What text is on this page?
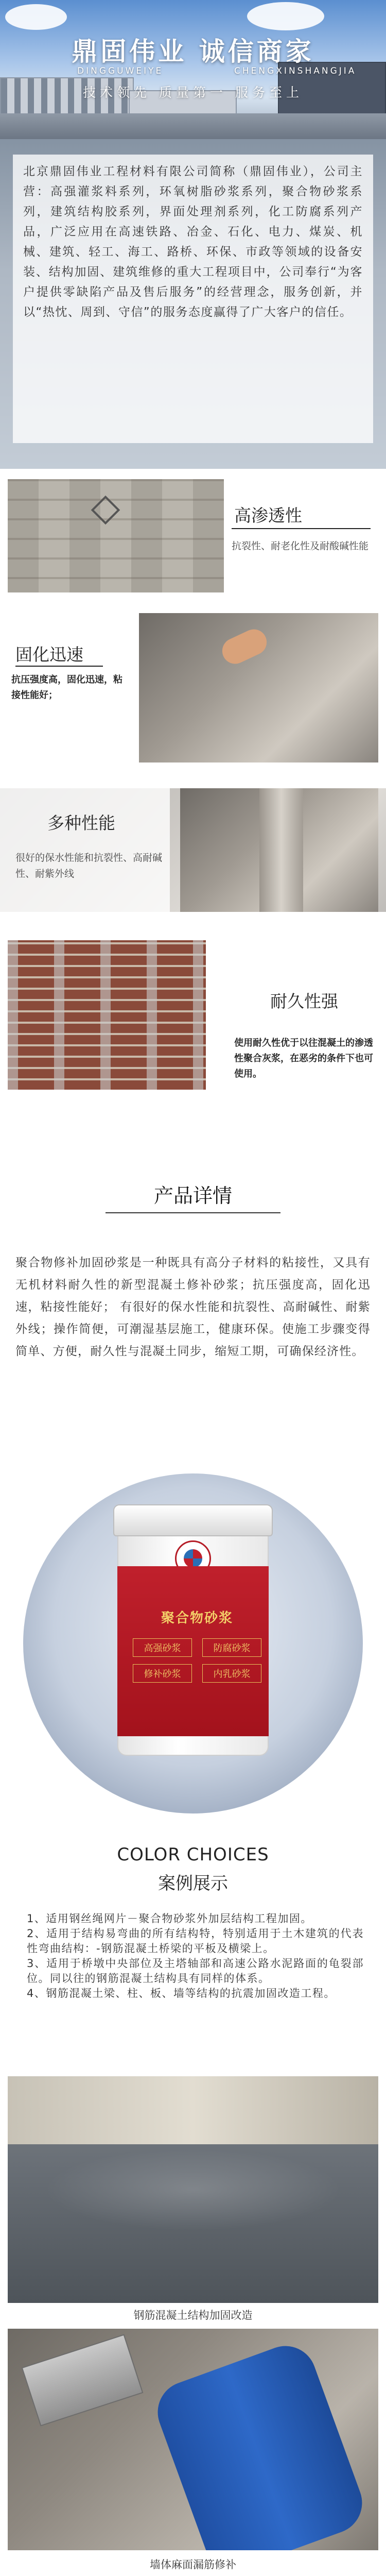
鼎固伟业 诚信商家
DINGGUWEIYE	CHENGXINSHANGJIA
技术领先 质量第一 服务至上

北京鼎固伟业工程材料有限公司简称（鼎固伟业），公司主营：高强灌浆料系列，环氧树脂砂浆系列，聚合物砂浆系列，建筑结构胶系列，界面处理剂系列，化工防腐系列产品，广泛应用在高速铁路、冶金、石化、电力、煤炭、机械、建筑、轻工、海工、路桥、环保、市政等领域的设备安装、结构加固、建筑维修的重大工程项目中，公司奉行“为客户提供零缺陷产品及售后服务”的经营理念，服务创新，并以“热忱、周到、守信”的服务态度赢得了广大客户的信任。

高渗透性
抗裂性、耐老化性及耐酸碱性能
固化迅速
抗压强度高，固化迅速，粘接性能好；
多种性能
很好的保水性能和抗裂性、高耐碱性、耐紫外线
耐久性强
使用耐久性优于以往混凝土的渗透性聚合灰浆，在恶劣的条件下也可使用。
产品详情

聚合物修补加固砂浆是一种既具有高分子材料的粘接性，又具有无机材料耐久性的新型混凝土修补砂浆；抗压强度高，固化迅速，粘接性能好； 有很好的保水性能和抗裂性、高耐碱性、耐紫外线；操作简便，可潮湿基层施工，健康环保。使施工步骤变得简单、方便，耐久性与混凝土同步，缩短工期，可确保经济性。

聚合物砂浆
高强砂浆	防腐砂浆
修补砂浆	内乳砂浆
COLOR CHOICES
案例展示
1、适用钢丝绳网片－聚合物砂浆外加层结构工程加固。
2、适用于结构易弯曲的所有结构特，特别适用于土木建筑的代表性弯曲结构：-钢筋混凝土桥梁的平板及横梁上。
3、适用于桥墩中央部位及主塔轴部和高速公路水泥路面的龟裂部位。同以往的钢筋混凝土结构具有同样的体系。
4、钢筋混凝土梁、柱、板、墙等结构的抗震加固改造工程。
钢筋混凝土结构加固改造
墙体麻面漏筋修补
